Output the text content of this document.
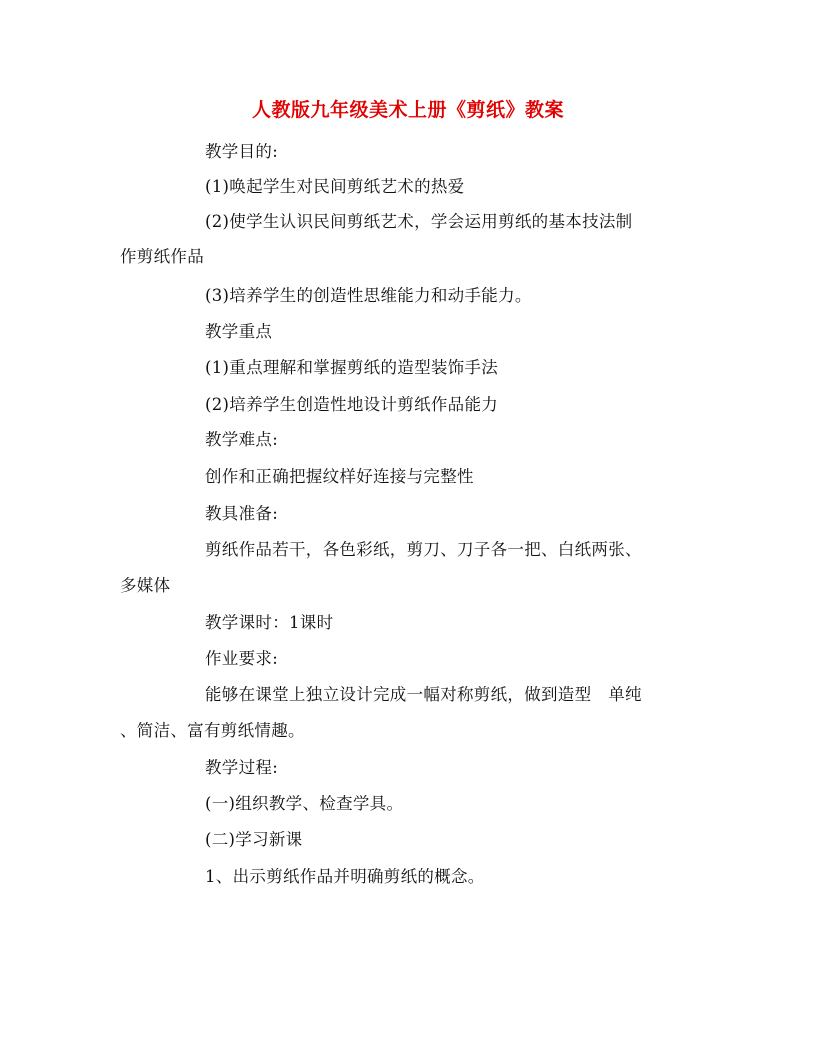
人教版九年级美术上册《剪纸》教案
教学目的:
(1)唤起学生对民间剪纸艺术的热爱
(2)使学生认识民间剪纸艺术，学会运用剪纸的基本技法制
作剪纸作品
(3)培养学生的创造性思维能力和动手能力。
教学重点
(1)重点理解和掌握剪纸的造型装饰手法
(2)培养学生创造性地设计剪纸作品能力
教学难点:
创作和正确把握纹样好连接与完整性
教具准备:
剪纸作品若干，各色彩纸，剪刀、刀子各一把、白纸两张、
多媒体
教学课时：1课时
作业要求:
能够在课堂上独立设计完成一幅对称剪纸，做到造型　单纯
、简洁、富有剪纸情趣。
教学过程:
(一)组织教学、检查学具。
(二)学习新课
1、出示剪纸作品并明确剪纸的概念。
